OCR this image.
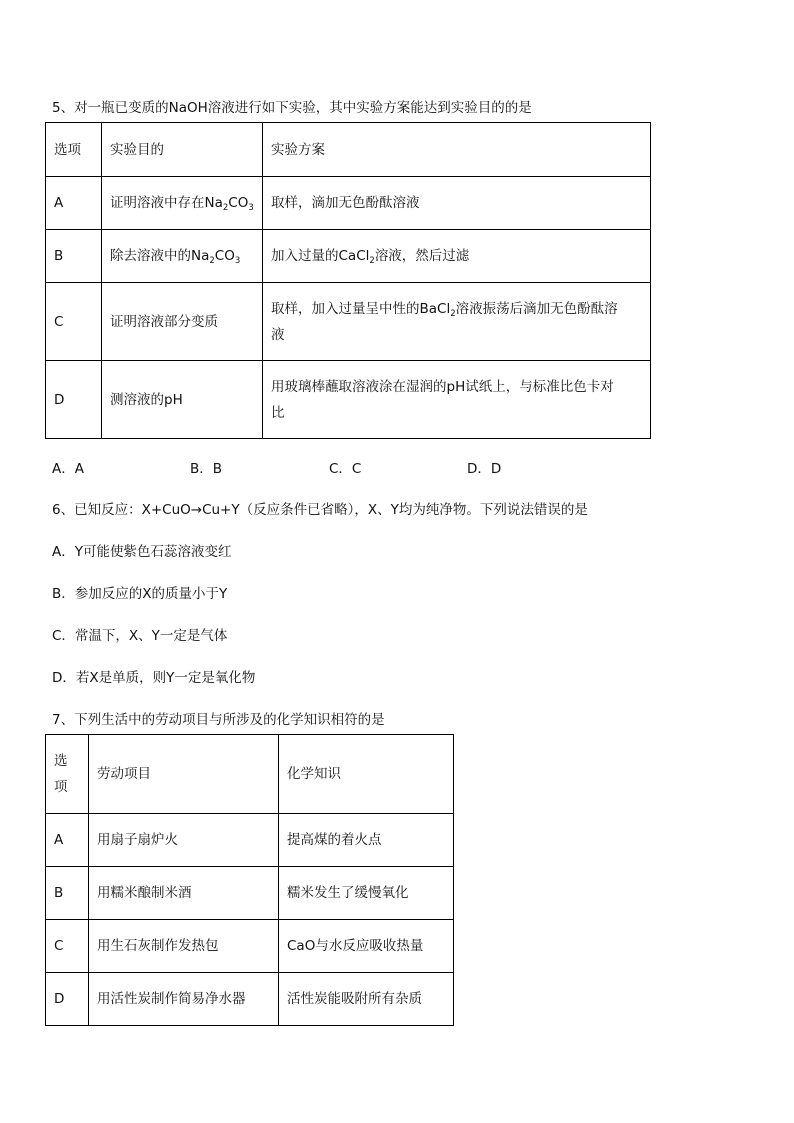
5、对一瓶已变质的NaOH溶液进行如下实验，其中实验方案能达到实验目的的是
选项	实验目的	实验方案
A	证明溶液中存在$Na_2CO_3$	取样，滴加无色酚酞溶液
B	除去溶液中的$Na_2CO_3$	加入过量的CaCl$_2$溶液，然后过滤
C	证明溶液部分变质	取样，加入过量呈中性的BaCl$_2$溶液振荡后滴加无色酚酞溶
液
D	测溶液的pH	用玻璃棒蘸取溶液涂在湿润的pH试纸上，与标准比色卡对
比
A．A	B．B	C．C	D．D
6、已知反应：X+CuO→Cu+Y（反应条件已省略），X、Y均为纯净物。下列说法错误的是
A．Y可能使紫色石蕊溶液变红
B．参加反应的X的质量小于Y
C．常温下，X、Y一定是气体
D．若X是单质，则Y一定是氧化物
7、下列生活中的劳动项目与所涉及的化学知识相符的是
选
项	劳动项目	化学知识
A	用扇子扇炉火	提高煤的着火点
B	用糯米酿制米酒	糯米发生了缓慢氧化
C	用生石灰制作发热包	CaO与水反应吸收热量
D	用活性炭制作简易净水器	活性炭能吸附所有杂质
